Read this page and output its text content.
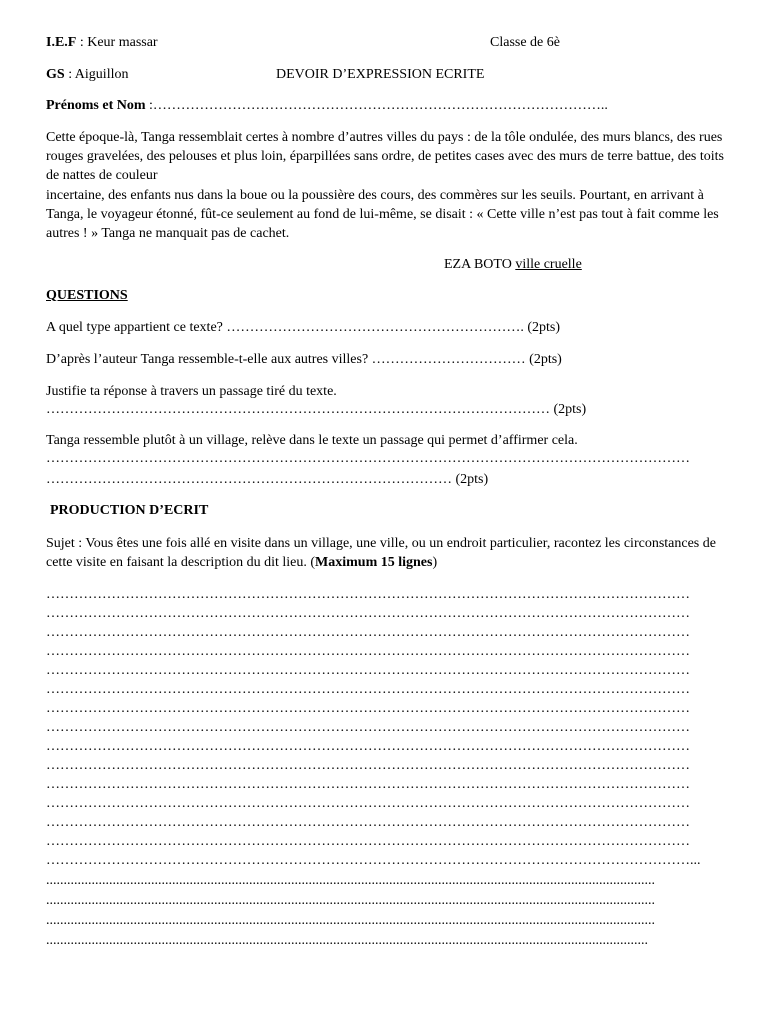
I.E.F : Keur massar	Classe de 6è
GS : Aiguillon	DEVOIR D’EXPRESSION ECRITE
Prénoms et Nom :……………………………………………………………………………………..
Cette époque-là, Tanga ressemblait certes à nombre d’autres villes du pays : de la tôle ondulée, des murs blancs, des rues rouges gravelées, des pelouses et plus loin, éparpillées sans ordre, de petites cases avec des murs de terre battue, des toits de nattes de couleur
incertaine, des enfants nus dans la boue ou la poussière des cours, des commères sur les seuils. Pourtant, en arrivant à Tanga, le voyageur étonné, fût-ce seulement au fond de lui-même, se disait : « Cette ville n’est pas tout à fait comme les autres ! » Tanga ne manquait pas de cachet.
EZA BOTO ville cruelle
QUESTIONS
A quel type appartient ce texte? ………………………………………………………. (2pts)
D’après l’auteur Tanga ressemble-t-elle aux autres villes? …………………………… (2pts)
Justifie ta réponse à travers un passage tiré du texte.
……………………………………………………………………………………………… (2pts)
Tanga ressemble plutôt à un village, relève dans le texte un passage qui permet d’affirmer cela.
…………………………………………………………………………………………………………………………
…………………………………………………………………………… (2pts)
PRODUCTION D’ECRIT
Sujet : Vous êtes une fois allé en visite dans un village, une ville, ou un endroit particulier, racontez les circonstances de cette visite en faisant la description du dit lieu. (Maximum 15 lignes)
…………………………………………………………………………………………………………………………
…………………………………………………………………………………………………………………………
…………………………………………………………………………………………………………………………
…………………………………………………………………………………………………………………………
…………………………………………………………………………………………………………………………
…………………………………………………………………………………………………………………………
…………………………………………………………………………………………………………………………
…………………………………………………………………………………………………………………………
…………………………………………………………………………………………………………………………
…………………………………………………………………………………………………………………………
…………………………………………………………………………………………………………………………
…………………………………………………………………………………………………………………………
…………………………………………………………………………………………………………………………
…………………………………………………………………………………………………………………………
…………………………………………………………………………………………………………………………...
..............................................................................................................................................................................
..............................................................................................................................................................................
..............................................................................................................................................................................
............................................................................................................................................................................
